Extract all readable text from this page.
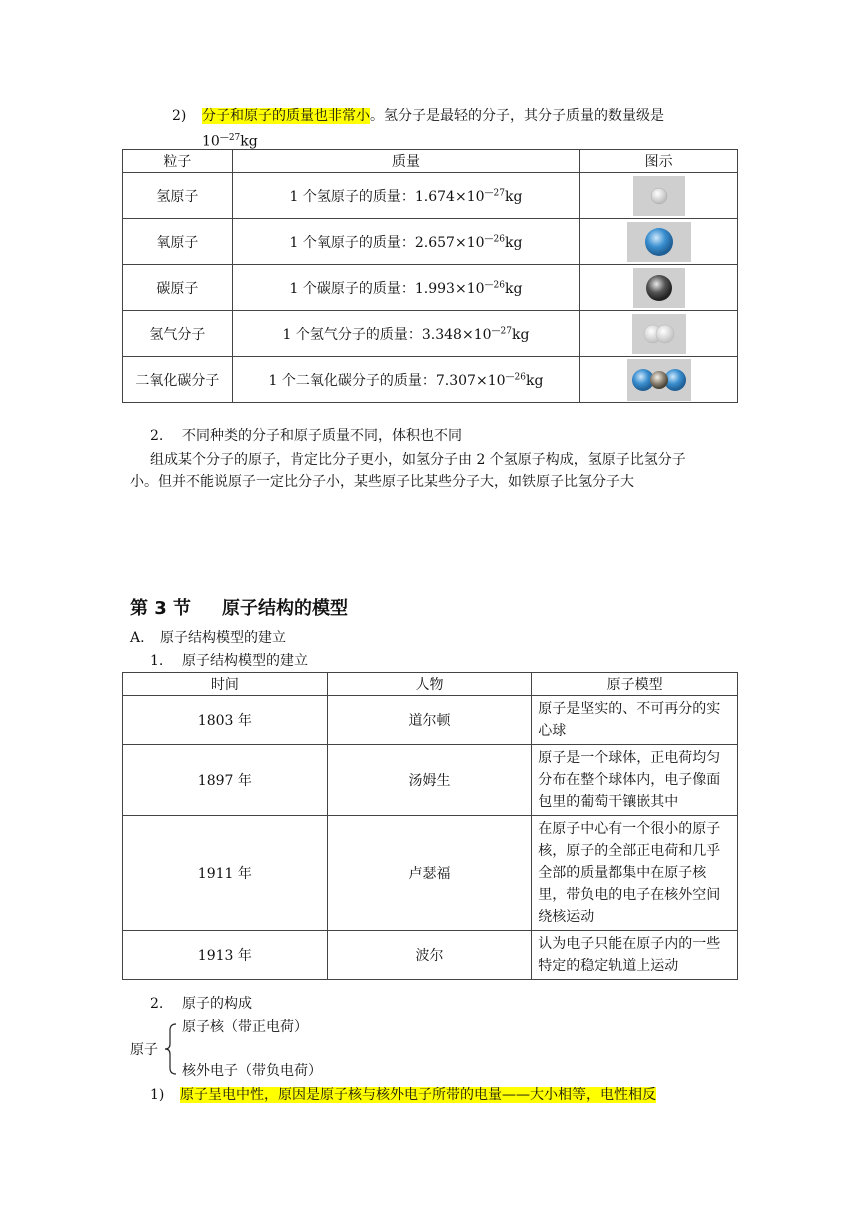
2) 分子和原子的质量也非常小。氢分子是最轻的分子，其分子质量的数量级是
$10^{—27}kg$
粒子	质量	图示
氢原子	1 个氢原子的质量：$1.674\times 10^{—27}kg$	
氧原子	1 个氧原子的质量：$2.657\times 10^{—26}kg$	
碳原子	1 个碳原子的质量：$1.993\times 10^{—26}kg$	
氢气分子	1 个氢气分子的质量：$3.348\times 10^{—27}kg$	
二氧化碳分子	1 个二氧化碳分子的质量：$7.307\times 10^{—26}kg$	
2. 不同种类的分子和原子质量不同，体积也不同
组成某个分子的原子，肯定比分子更小，如氢分子由 2 个氢原子构成，氢原子比氢分子
小。但并不能说原子一定比分子小，某些原子比某些分子大，如铁原子比氢分子大
第 3 节 原子结构的模型
A. 原子结构模型的建立
1. 原子结构模型的建立
时间	人物	原子模型
1803 年	道尔顿	原子是坚实的、不可再分的实心球
1897 年	汤姆生	原子是一个球体，正电荷均匀分布在整个球体内，电子像面包里的葡萄干镶嵌其中
1911 年	卢瑟福	在原子中心有一个很小的原子核，原子的全部正电荷和几乎全部的质量都集中在原子核里，带负电的电子在核外空间绕核运动
1913 年	波尔	认为电子只能在原子内的一些特定的稳定轨道上运动
2. 原子的构成
原子
原子核（带正电荷）
核外电子（带负电荷）
1) 原子呈电中性，原因是原子核与核外电子所带的电量——大小相等，电性相反
